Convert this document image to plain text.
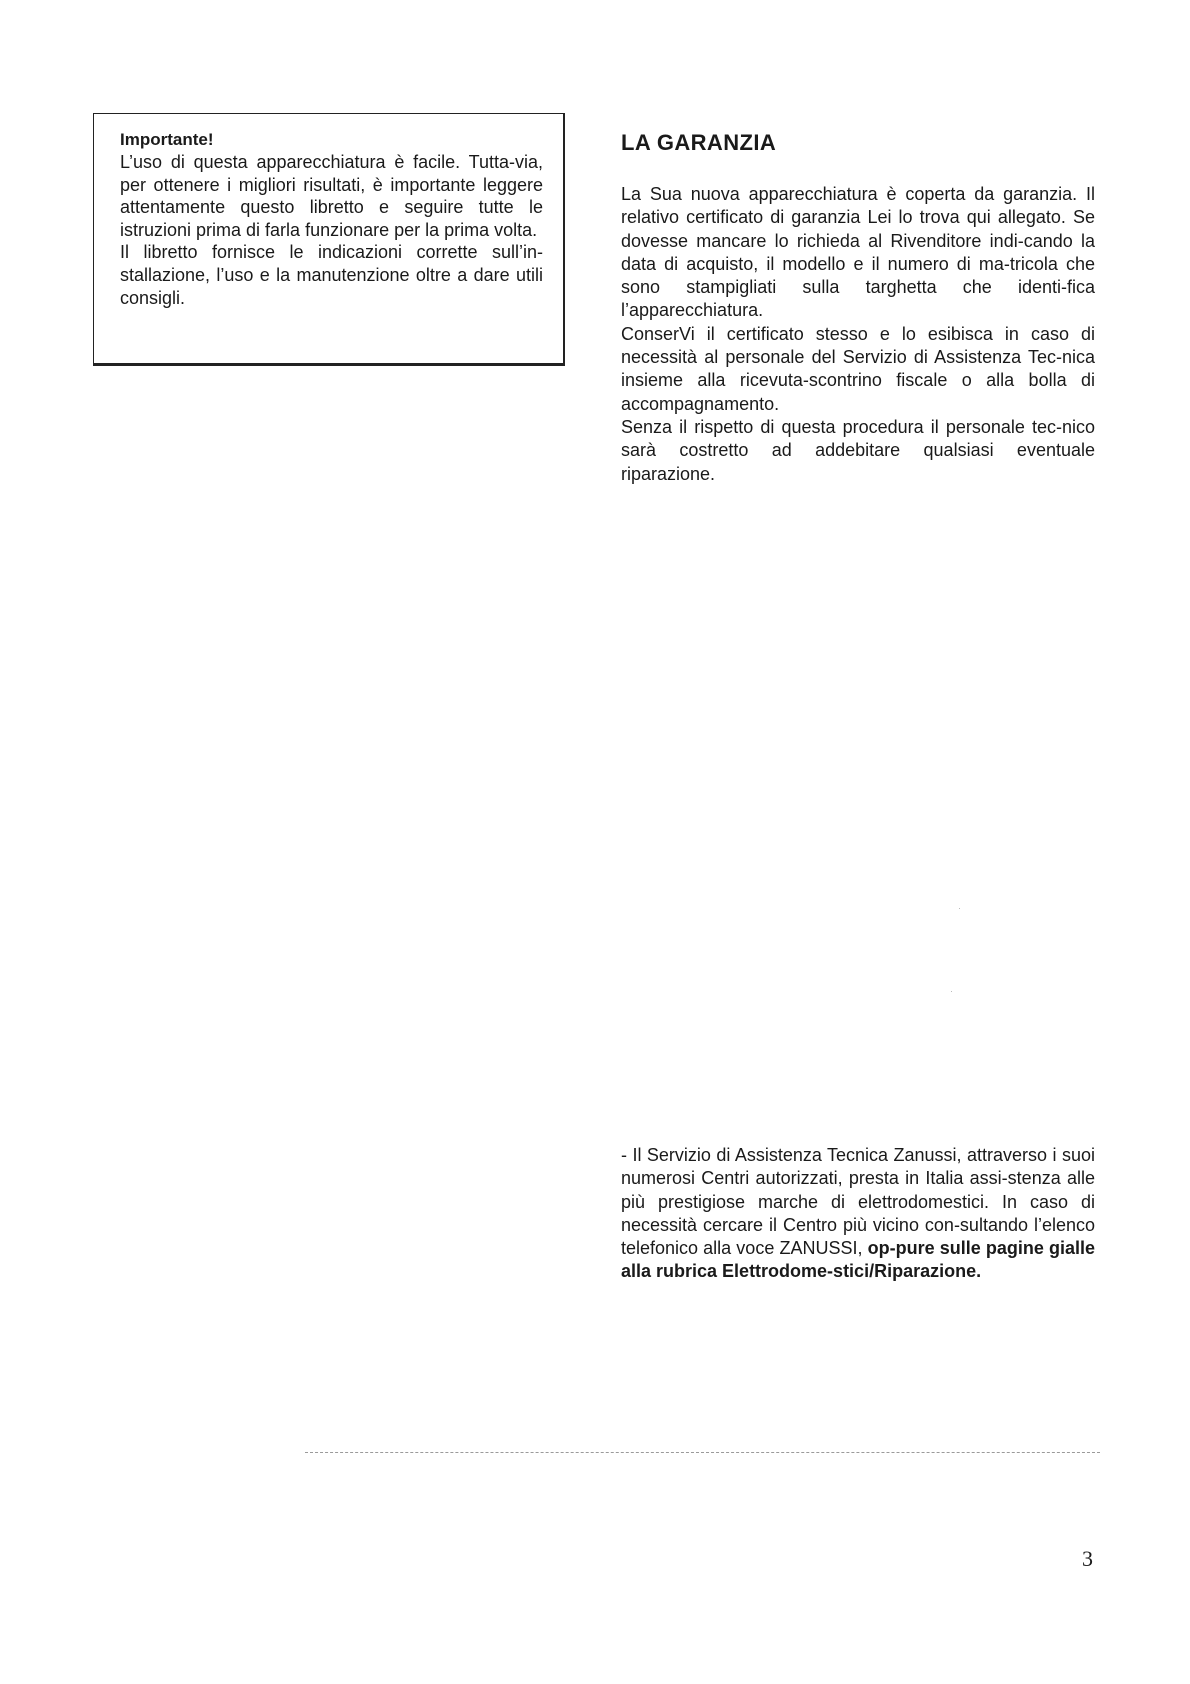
Importante!

L’uso di questa apparecchiatura è facile. Tutta-via, per ottenere i migliori risultati, è importante leggere attentamente questo libretto e seguire tutte le istruzioni prima di farla funzionare per la prima volta.

Il libretto fornisce le indicazioni corrette sull’in-stallazione, l’uso e la manutenzione oltre a dare utili consigli.

LA GARANZIA

La Sua nuova apparecchiatura è coperta da garanzia. Il relativo certificato di garanzia Lei lo trova qui allegato. Se dovesse mancare lo richieda al Rivenditore indi-cando la data di acquisto, il modello e il numero di ma-tricola che sono stampigliati sulla targhetta che identi-fica l’apparecchiatura.

ConserVi il certificato stesso e lo esibisca in caso di necessità al personale del Servizio di Assistenza Tec-nica insieme alla ricevuta-scontrino fiscale o alla bolla di accompagnamento.

Senza il rispetto di questa procedura il personale tec-nico sarà costretto ad addebitare qualsiasi eventuale riparazione.

- Il Servizio di Assistenza Tecnica Zanussi, attraverso i suoi numerosi Centri autorizzati, presta in Italia assi-stenza alle più prestigiose marche di elettrodomestici. In caso di necessità cercare il Centro più vicino con-sultando l’elenco telefonico alla voce ZANUSSI, op-pure sulle pagine gialle alla rubrica Elettrodome-stici/Riparazione.

3
